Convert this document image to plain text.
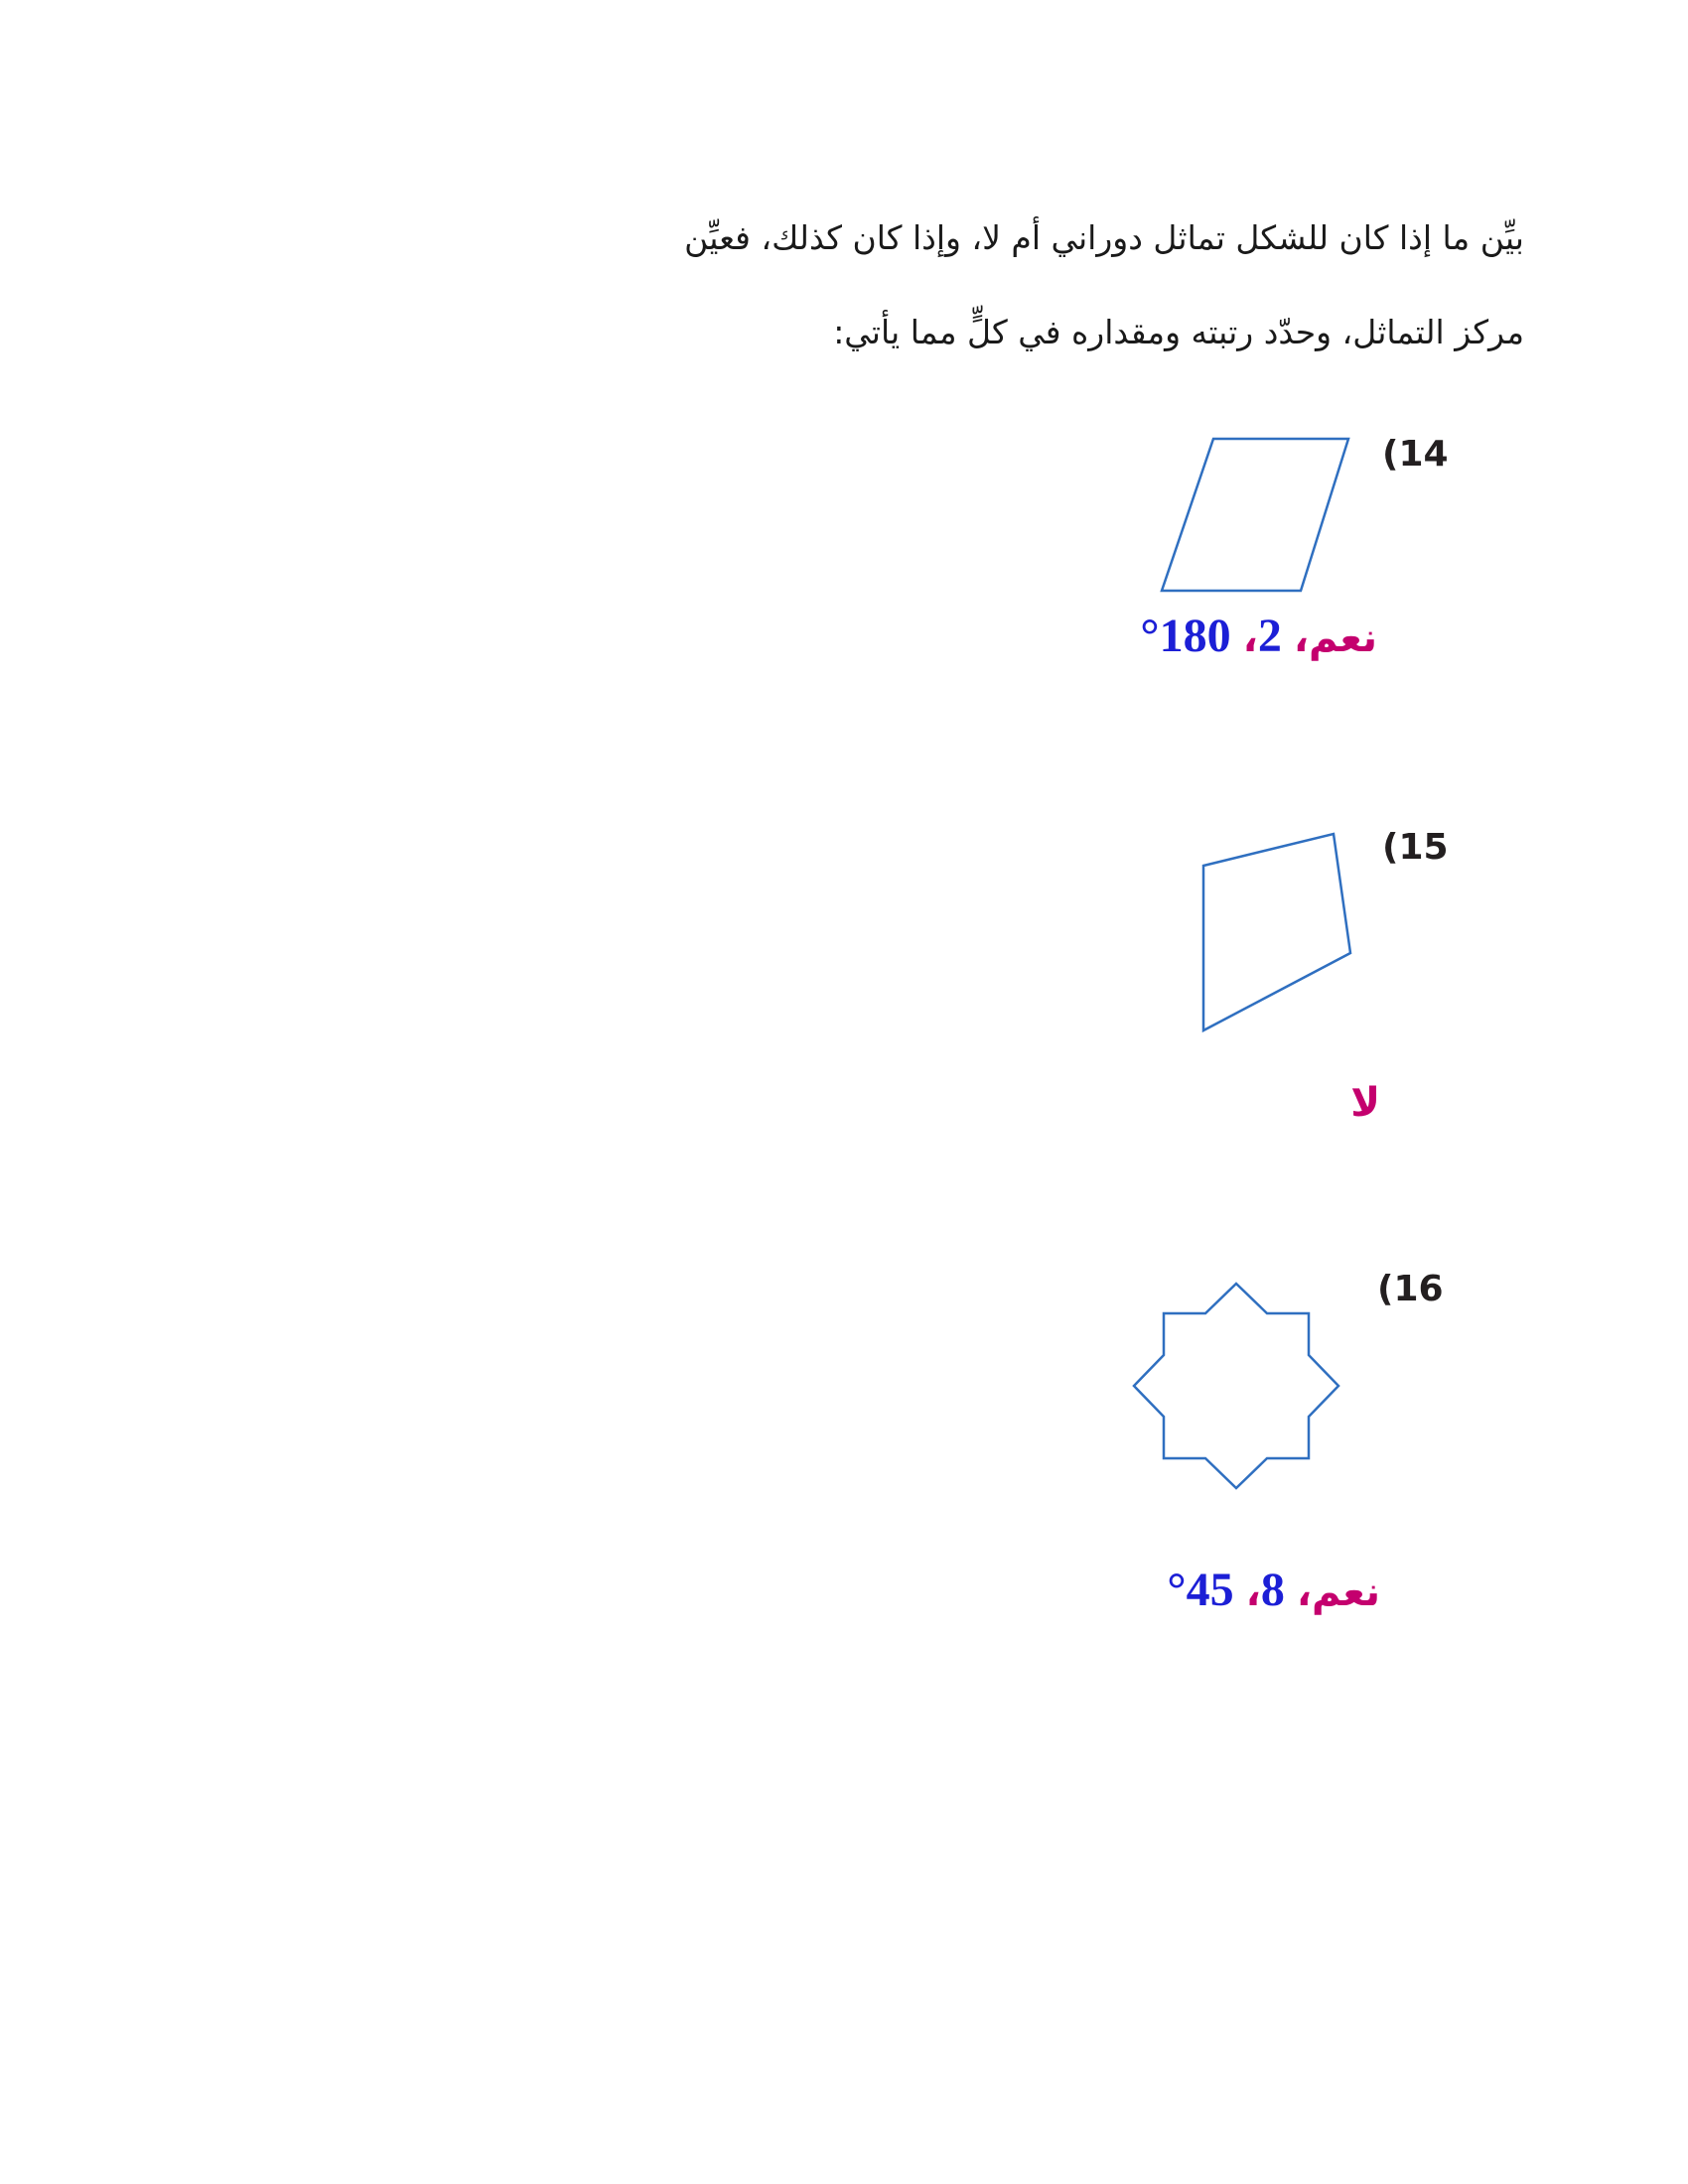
بيِّن ما إذا كان للشكل تماثل دوراني أم لا، وإذا كان كذلك، فعيِّن

مركز التماثل، وحدّد رتبته ومقداره في كلٍّ مما يأتي:

(14
نعم، 2، 180°
(15
لا
(16
نعم، 8، 45°
